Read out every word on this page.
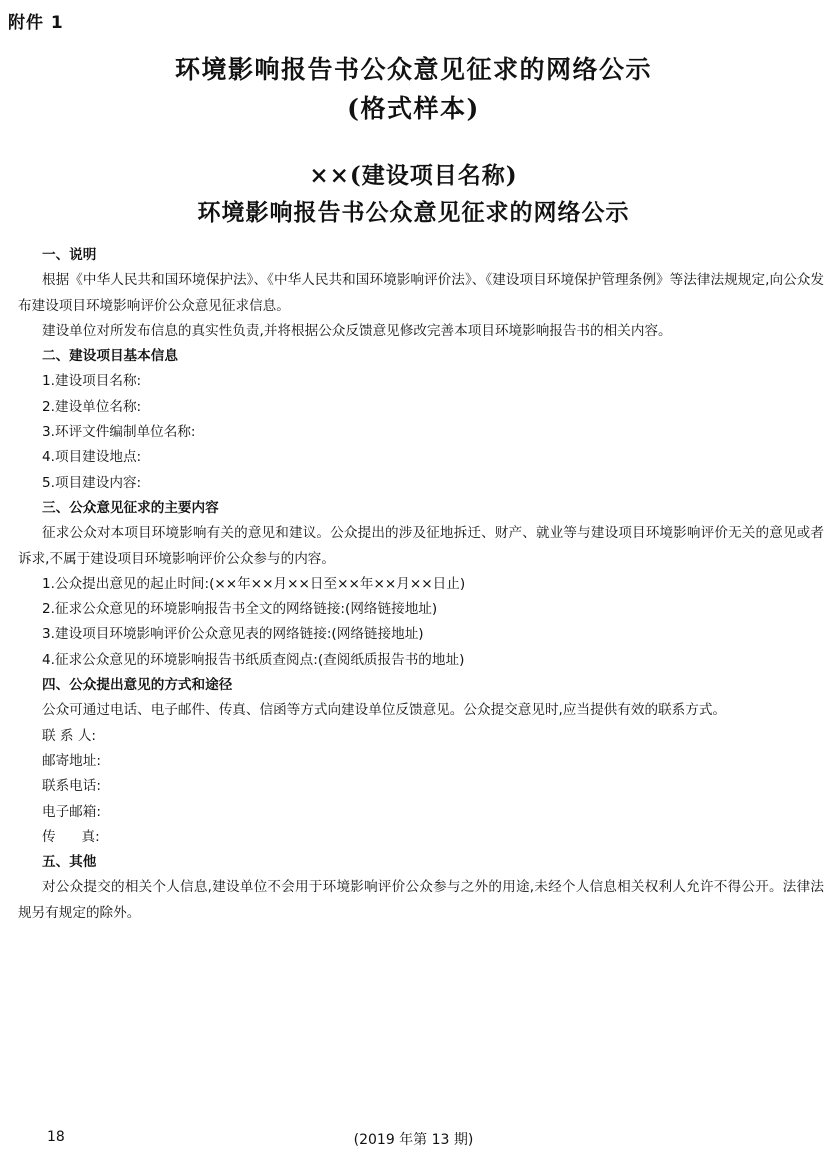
附件 1

环境影响报告书公众意见征求的网络公示

(格式样本)

××(建设项目名称)

环境影响报告书公众意见征求的网络公示

一、说明

根据《中华人民共和国环境保护法》、《中华人民共和国环境影响评价法》、《建设项目环境保护管理条例》等法律法规规定,向公众发布建设项目环境影响评价公众意见征求信息。

建设单位对所发布信息的真实性负责,并将根据公众反馈意见修改完善本项目环境影响报告书的相关内容。

二、建设项目基本信息

1.建设项目名称:

2.建设单位名称:

3.环评文件编制单位名称:

4.项目建设地点:

5.项目建设内容:

三、公众意见征求的主要内容

征求公众对本项目环境影响有关的意见和建议。公众提出的涉及征地拆迁、财产、就业等与建设项目环境影响评价无关的意见或者诉求,不属于建设项目环境影响评价公众参与的内容。

1.公众提出意见的起止时间:(××年××月××日至××年××月××日止)

2.征求公众意见的环境影响报告书全文的网络链接:(网络链接地址)

3.建设项目环境影响评价公众意见表的网络链接:(网络链接地址)

4.征求公众意见的环境影响报告书纸质查阅点:(查阅纸质报告书的地址)

四、公众提出意见的方式和途径

公众可通过电话、电子邮件、传真、信函等方式向建设单位反馈意见。公众提交意见时,应当提供有效的联系方式。

联 系 人:

邮寄地址:

联系电话:

电子邮箱:

传      真:

五、其他

对公众提交的相关个人信息,建设单位不会用于环境影响评价公众参与之外的用途,未经个人信息相关权利人允许不得公开。法律法规另有规定的除外。

18	(2019 年第 13 期)
